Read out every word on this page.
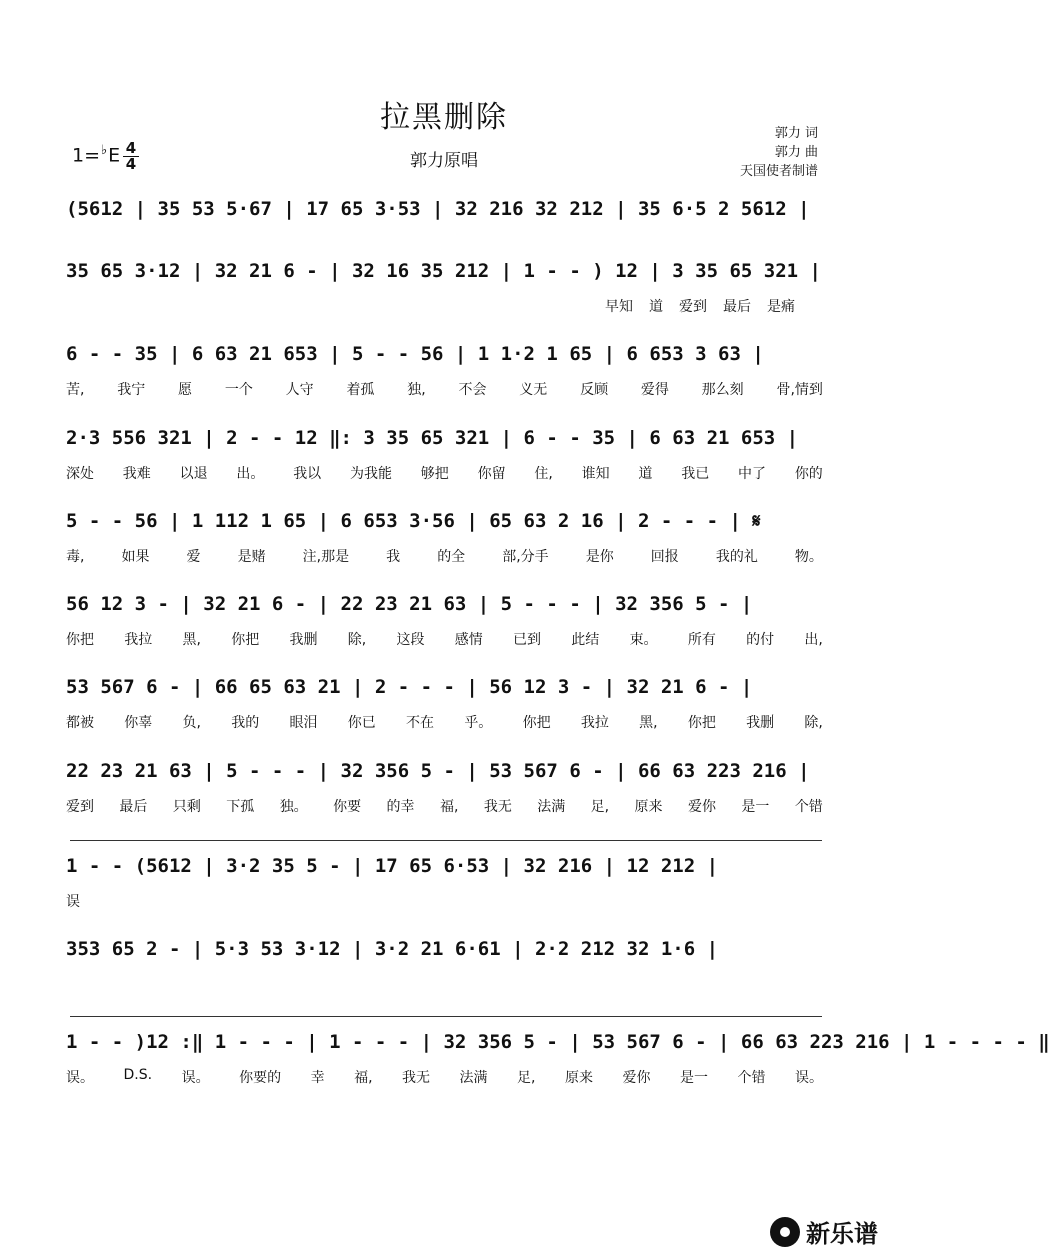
拉黑删除
郭力原唱
1=♭E 4
4
郭力 词
郭力 曲
天国使者制谱
(5612 | 35 53 5·67 | 17 65 3·53 | 32 216 32 212 | 35 6·5 2 5612 |
35 65 3·12 | 32 21 6 - | 32 16 35 212 | 1 - - ) 12 | 3 35 65 321 |
早知 道 爱到 最后 是痛
6 - - 35 | 6 63 21 653 | 5 - - 56 | 1 1·2 1 65 | 6 653 3 63 |
苦, 我宁 愿 一个 人守 着孤 独, 不会 义无 反顾 爱得 那么刻 骨,情到
2·3 556 321 | 2 - - 12 ‖: 3 35 65 321 | 6 - - 35 | 6 63 21 653 |
深处 我难 以退 出。 我以 为我能 够把 你留 住, 谁知 道 我已 中了 你的
5 - - 56 | 1 112 1 65 | 6 653 3·56 | 65 63 2 16 | 2 - - - | 𝄋
毒,	如果	爱	是赌	注,那是	我	的全	部,分手	是你	回报	我的礼	物。
56 12 3 - | 32 21 6 - | 22 23 21 63 | 5 - - - | 32 356 5 - |
你把 我拉 黑, 你把 我删 除, 这段 感情 已到 此结 束。 所有 的付 出,
53 567 6 - | 66 65 63 21 | 2 - - - | 56 12 3 - | 32 21 6 - |
都被 你辜 负, 我的 眼泪 你已 不在 乎。 你把 我拉 黑, 你把 我删 除,
22 23 21 63 | 5 - - - | 32 356 5 - | 53 567 6 - | 66 63 223 216 |
爱到 最后 只剩 下孤 独。 你要 的幸 福, 我无 法满 足, 原来 爱你 是一 个错
1 - - (5612 | 3·2 35 5 - | 17 65 6·53 | 32 216 | 12 212 |
误
353 65 2 - | 5·3 53 3·12 | 3·2 21 6·61 | 2·2 212 32 1·6 |
1 - - )12 :‖ 1 - - - | 1 - - - | 32 356 5 - | 53 567 6 - | 66 63 223 216 | 1 - - - - ‖
误。 D.S. 误。 你要的 幸 福, 我无 法满 足, 原来 爱你 是一 个错 误。
新乐谱
